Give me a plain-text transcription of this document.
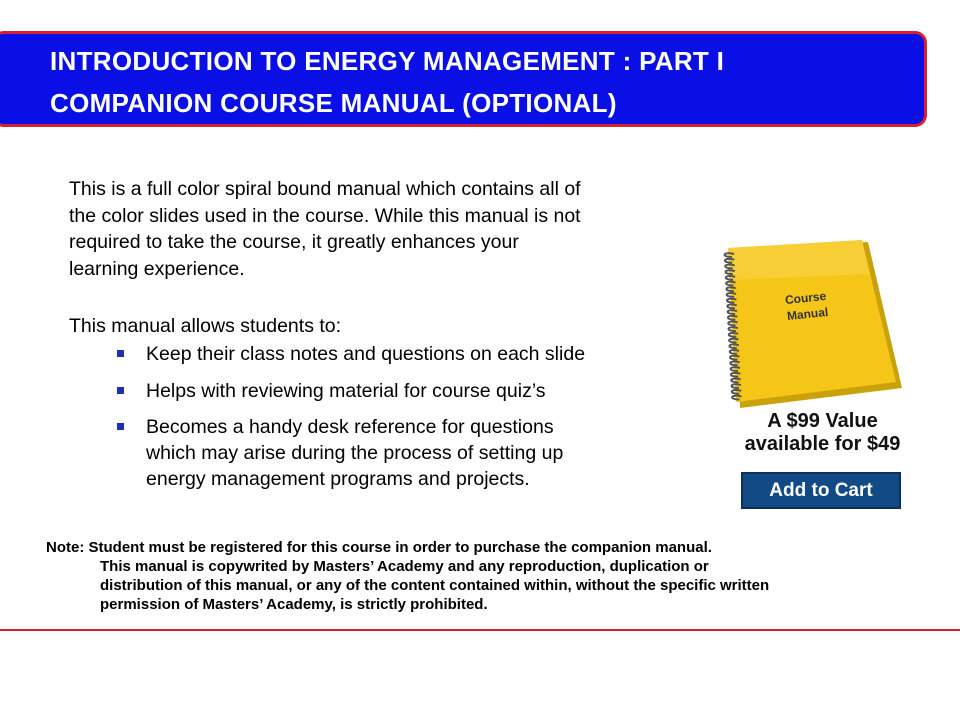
INTRODUCTION TO ENERGY MANAGEMENT : PART I
COMPANION COURSE MANUAL (OPTIONAL)
This is a full color spiral bound manual which contains all of
the color slides used in the course. While this manual is not
required to take the course, it greatly enhances your
learning experience.
This manual allows students to:
Keep their class notes and questions on each slide
Helps with reviewing material for course quiz’s
Becomes a handy desk reference for questions
which may arise during the process of setting up
energy management programs and projects.
Course
Manual
A $99 Value
available for $49
Add to Cart
Note: Student must be registered for this course in order to purchase the companion manual.
This manual is copywrited by Masters’ Academy and any reproduction, duplication or
distribution of this manual, or any of the content contained within, without the specific written
permission of Masters’ Academy, is strictly prohibited.
